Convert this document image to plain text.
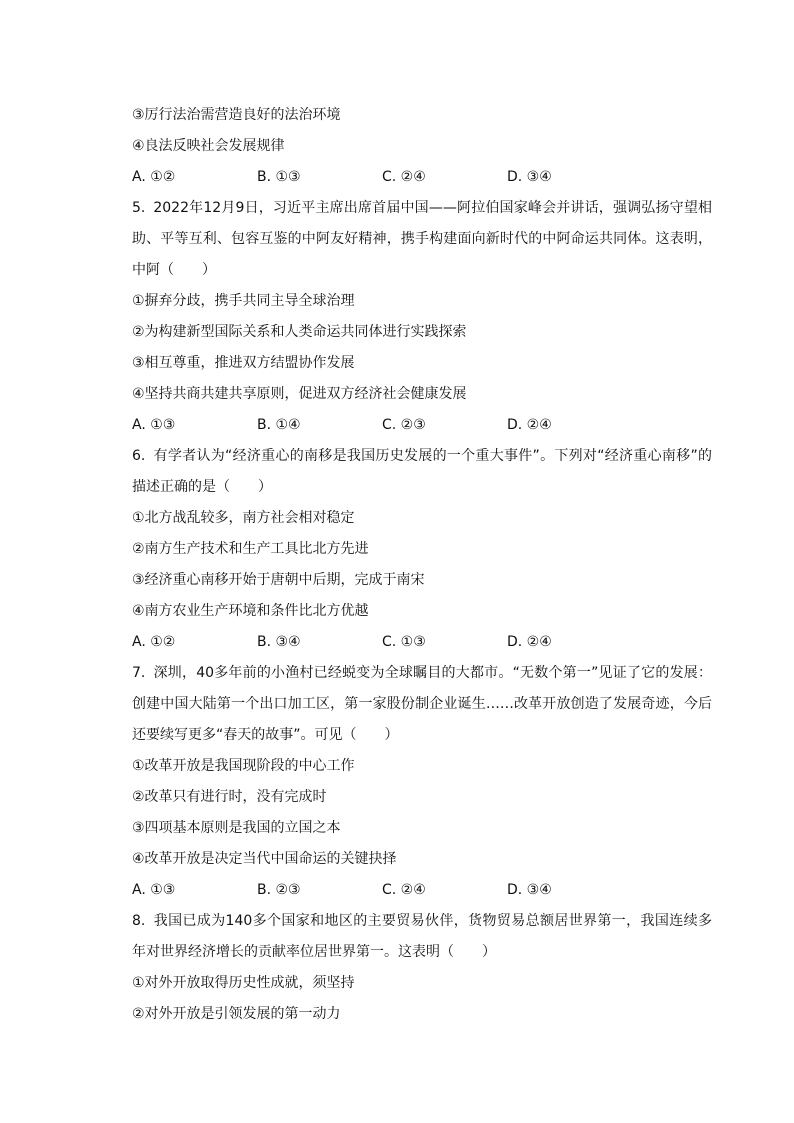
③厉行法治需营造良好的法治环境
④良法反映社会发展规律
A. ①②	B. ①③	C. ②④	D. ③④
5. 2022年12月9日，习近平主席出席首届中国——阿拉伯国家峰会并讲话，强调弘扬守望相助、平等互利、包容互鉴的中阿友好精神，携手构建面向新时代的中阿命运共同体。这表明，中阿（　　）
①摒弃分歧，携手共同主导全球治理
②为构建新型国际关系和人类命运共同体进行实践探索
③相互尊重，推进双方结盟协作发展
④坚持共商共建共享原则，促进双方经济社会健康发展
A. ①③	B. ①④	C. ②③	D. ②④
6. 有学者认为“经济重心的南移是我国历史发展的一个重大事件”。下列对“经济重心南移”的描述正确的是（　　）
①北方战乱较多，南方社会相对稳定
②南方生产技术和生产工具比北方先进
③经济重心南移开始于唐朝中后期，完成于南宋
④南方农业生产环境和条件比北方优越
A. ①②	B. ③④	C. ①③	D. ②④
7. 深圳，40多年前的小渔村已经蜕变为全球瞩目的大都市。“无数个第一”见证了它的发展：创建中国大陆第一个出口加工区，第一家股份制企业诞生……改革开放创造了发展奇迹，今后还要续写更多“春天的故事”。可见（　　）
①改革开放是我国现阶段的中心工作
②改革只有进行时，没有完成时
③四项基本原则是我国的立国之本
④改革开放是决定当代中国命运的关键抉择
A. ①③	B. ②③	C. ②④	D. ③④
8. 我国已成为140多个国家和地区的主要贸易伙伴，货物贸易总额居世界第一，我国连续多年对世界经济增长的贡献率位居世界第一。这表明（　　）
①对外开放取得历史性成就，须坚持
②对外开放是引领发展的第一动力
